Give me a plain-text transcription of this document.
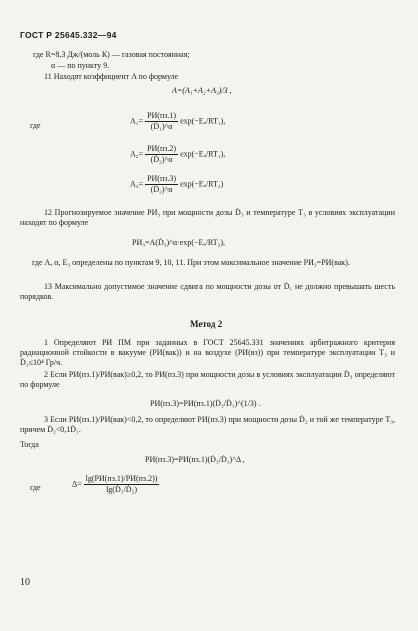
ГОСТ Р 25645.332—94
где R=8,3 Дж/(моль К) — газовая постоянная;
α — по пункту 9.
11 Находят коэффициент A по формуле
A=(A₁+A₂+A₃)/3 ,
где
$A_1= \frac{РИ(пз.1)}{\text{(Ḋ₁)\textasciicircum{}α}} \exp(-E_a/RT_1)$,
$A_2= \frac{РИ(пз.2)}{\text{(Ḋ₂)\textasciicircum{}α}} \exp(-E_a/RT_1)$,
$A_3= \frac{РИ(пз.3)}{\text{(Ḋ₂)\textasciicircum{}α}} \exp(-E_a/RT_2)$
12 Прогнозируемое значение РИ₃ при мощности дозы Ḋ₃ и температуре T₃ в условиях эксплуатации находят по формуле
РИ₃=A(Ḋ₃)^α·exp(−Eₐ/RT₃),
где A, α, E₃ определены по пунктам 9, 10, 11. При этом максимальное значение РИ₃=РИ(вак).
13 Максимально допустимое значение сдвига по мощности дозы от Ḋ₁ не должно превышать шесть порядков.
Метод 2
1 Определяют РИ ПМ при заданных в ГОСТ 25645.331 значениях арбитражного критерия радиационной стойкости в вакууме (РИ(вак)) и на воздухе (РИ(вз)) при температуре эксплуатации T₃ и Ḋ₁≤10⁴ Гр/ч.
2 Если РИ(пз.1)/РИ(вак)≥0,2, то РИ(пз.3) при мощности дозы в условиях эксплуатации Ḋ₃ определяют по формуле
РИ(пз.3)=РИ(пз.1)(Ḋ₃/Ḋ₁)^(1/3) .
3 Если РИ(пз.1)/РИ(вак)<0,2, то определяют РИ(пз.3) при мощности дозы Ḋ₂ и той же температуре T₃, причем Ḋ₂<0,1Ḋ₁.
Тогда
РИ(пз.3)=РИ(пз.1)(Ḋ₃/Ḋ₁)^Δ ,
где	$\Delta= \frac{\lg(РИ(пз.1)/РИ(пз.2))}{\text{lg(Ḋ₁/Ḋ₂)}}$
10
